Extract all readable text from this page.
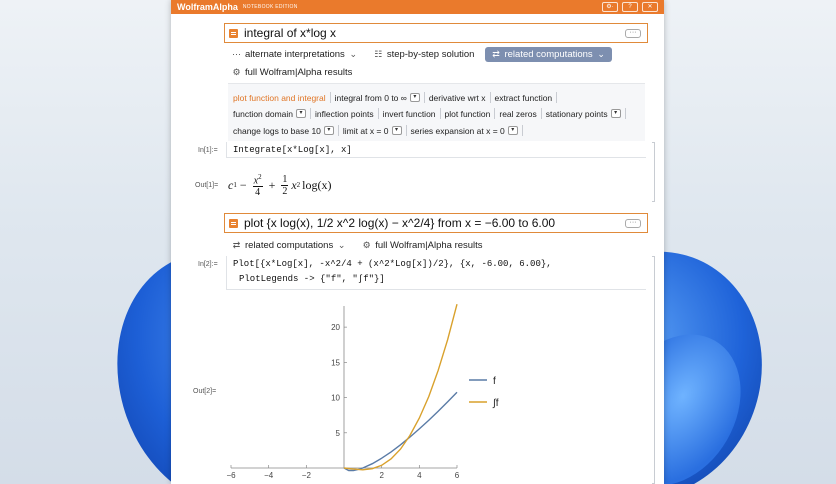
WolframAlpha NOTEBOOK EDITION	⚙·	?	✕
integral of x*log x	···
⋯ alternate interpretations ⌄ ☷ step-by-step solution ⇄ related computations ⌄
⚙ full Wolfram|Alpha results
plot function and integral	integral from 0 to ∞	▾	derivative wrt x	extract function
function domain	▾	inflection points	invert function	plot function	real zeros	stationary points	▾
change logs to base 10	▾	limit at x = 0	▾	series expansion at x = 0	▾
In[1]:= Integrate[x*Log[x], x]
Out[1]= c $1 - \frac{x^2}{4} + \frac{1}{2}$ x 2 log(x)
plot {x log(x), 1/2 x^2 log(x) − x^2/4} from x = −6.00 to 6.00	···
⇄ related computations ⌄ ⚙ full Wolfram|Alpha results
In[2]:= Plot[{x*Log[x], -x^2/4 + (x^2*Log[x])/2}, {x, -6.00, 6.00},
PlotLegends -> {"f", "∫f"}]
Out[2]=
−6	−4	−2	2	4	6
5
10
15
20
f
∫f
